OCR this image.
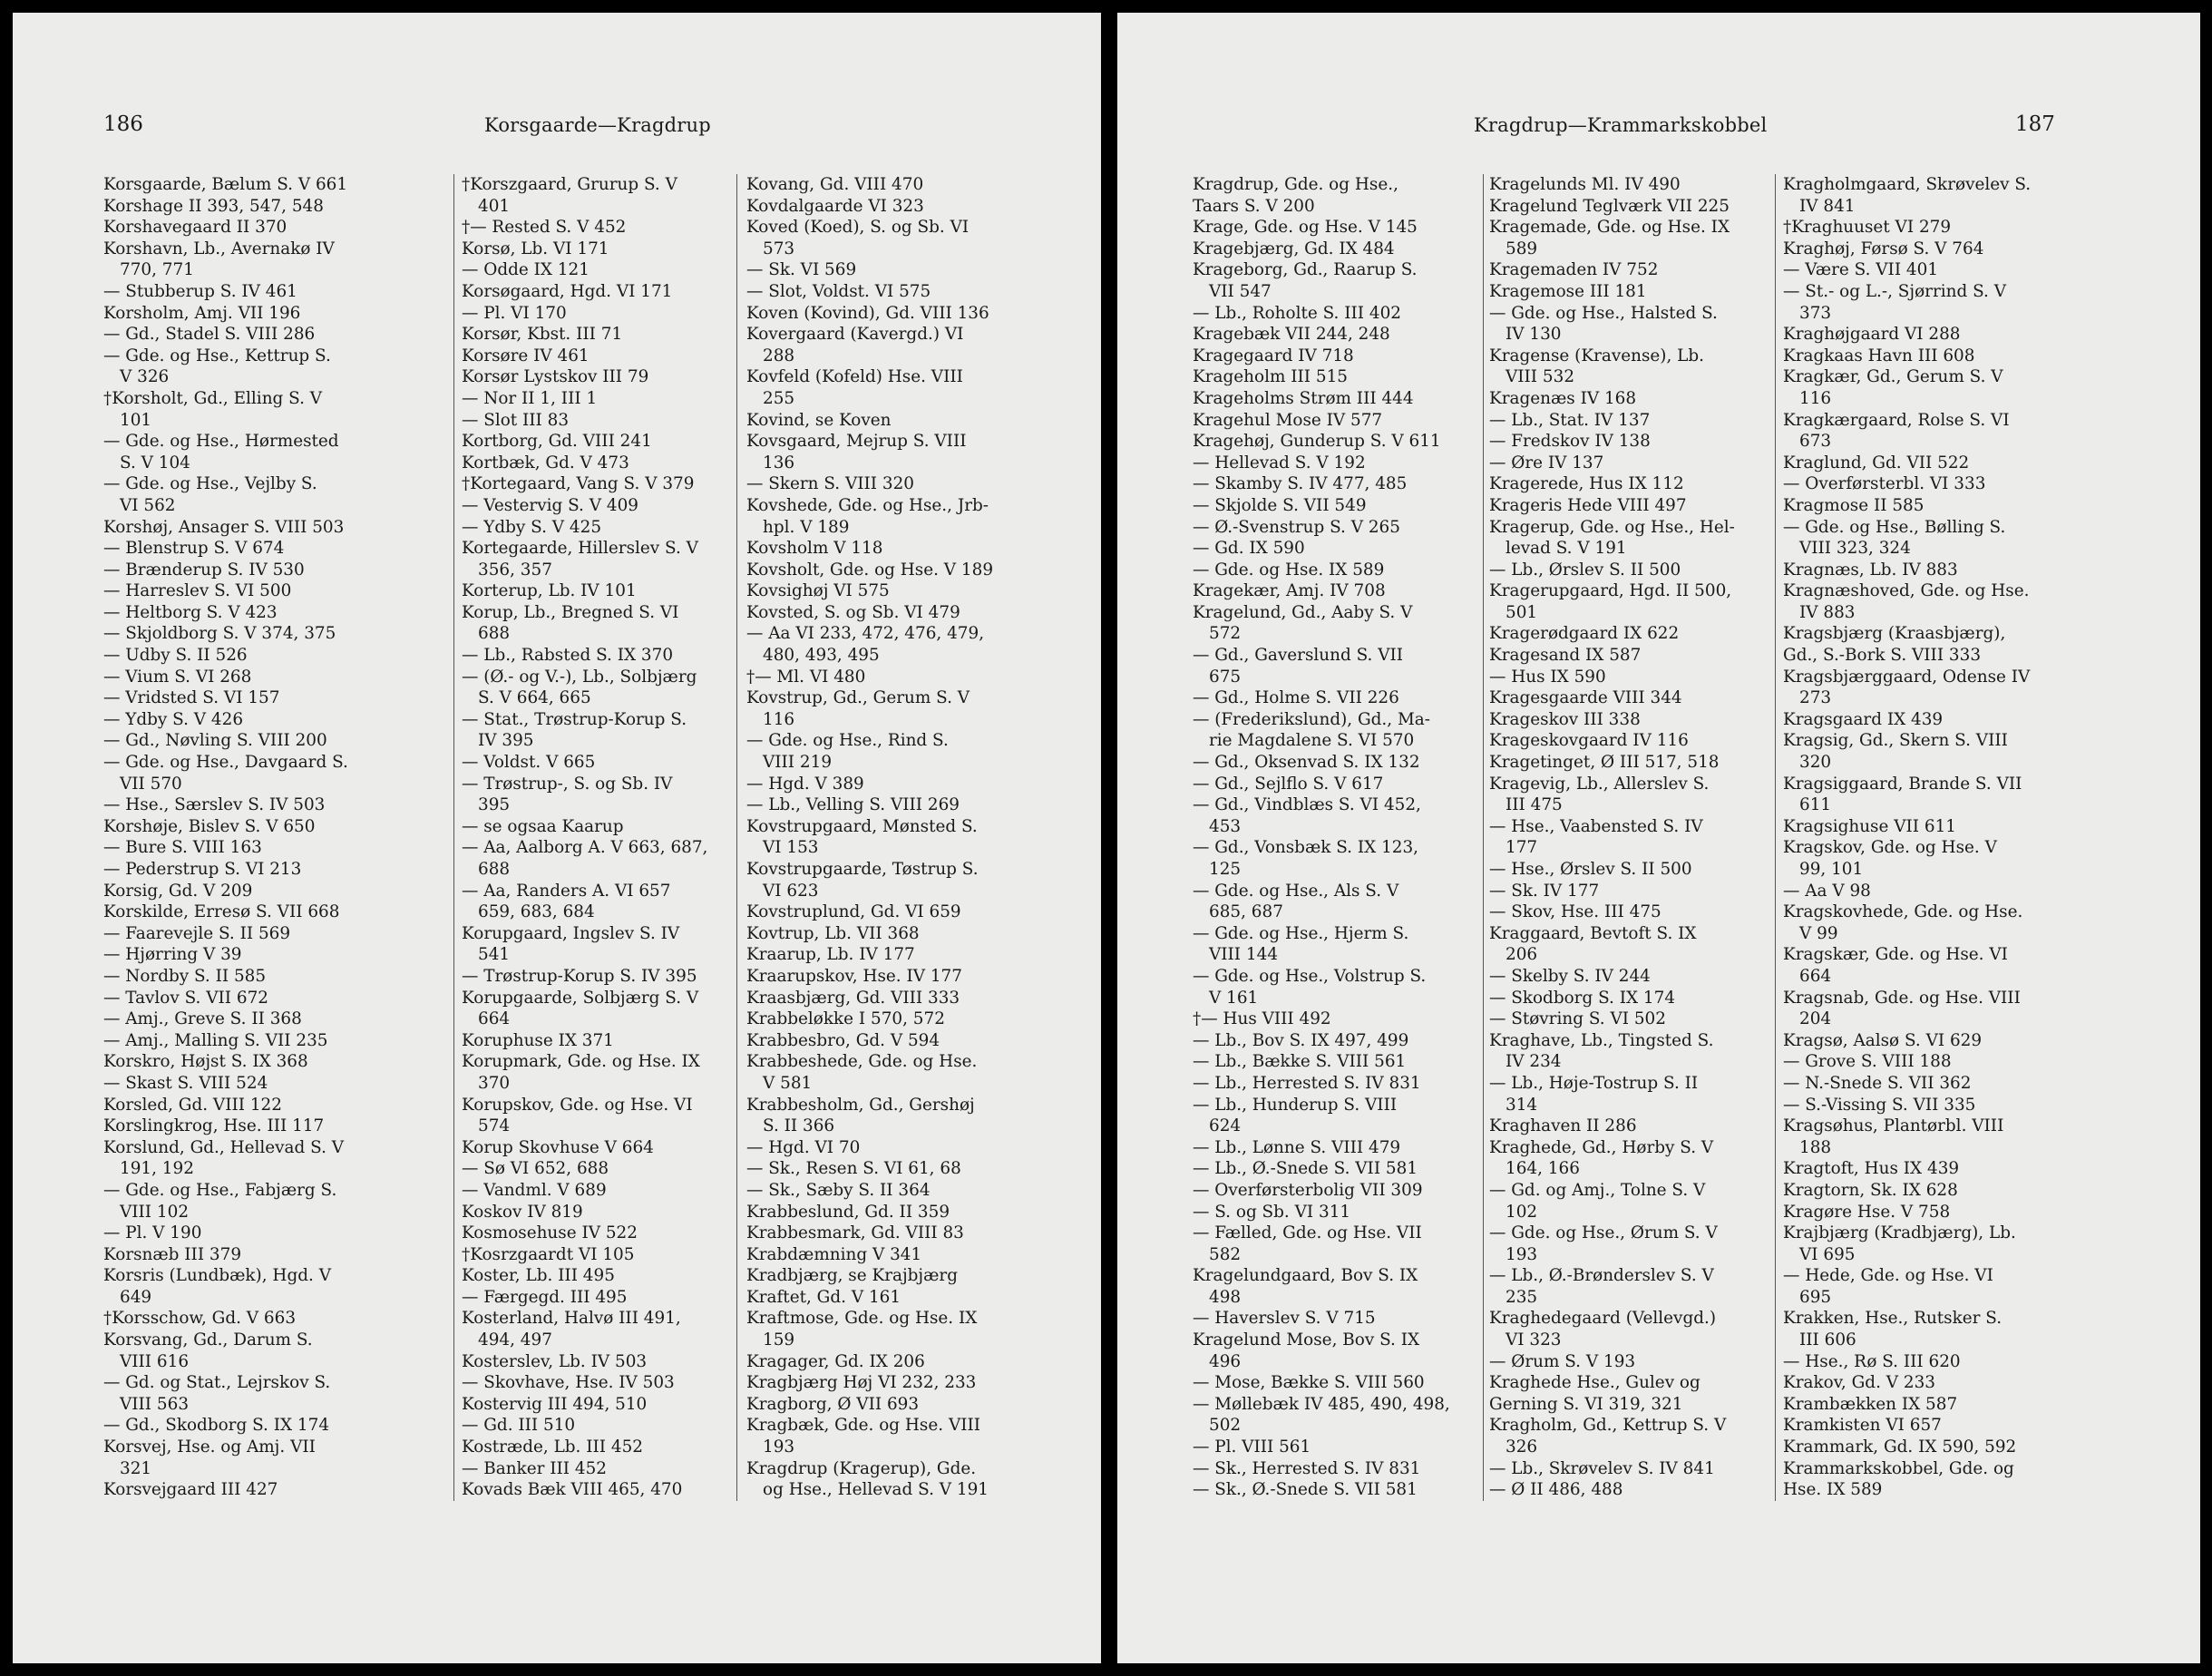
186	Korsgaarde—Kragdrup
Korsgaarde, Bælum S. V 661
Korshage II 393, 547, 548
Korshavegaard II 370
Korshavn, Lb., Avernakø IV
770, 771
— Stubberup S. IV 461
Korsholm, Amj. VII 196
— Gd., Stadel S. VIII 286
— Gde. og Hse., Kettrup S.
V 326
†Korsholt, Gd., Elling S. V
101
— Gde. og Hse., Hørmested
S. V 104
— Gde. og Hse., Vejlby S.
VI 562
Korshøj, Ansager S. VIII 503
— Blenstrup S. V 674
— Brænderup S. IV 530
— Harreslev S. VI 500
— Heltborg S. V 423
— Skjoldborg S. V 374, 375
— Udby S. II 526
— Vium S. VI 268
— Vridsted S. VI 157
— Ydby S. V 426
— Gd., Nøvling S. VIII 200
— Gde. og Hse., Davgaard S.
VII 570
— Hse., Særslev S. IV 503
Korshøje, Bislev S. V 650
— Bure S. VIII 163
— Pederstrup S. VI 213
Korsig, Gd. V 209
Korskilde, Erresø S. VII 668
— Faarevejle S. II 569
— Hjørring V 39
— Nordby S. II 585
— Tavlov S. VII 672
— Amj., Greve S. II 368
— Amj., Malling S. VII 235
Korskro, Højst S. IX 368
— Skast S. VIII 524
Korsled, Gd. VIII 122
Korslingkrog, Hse. III 117
Korslund, Gd., Hellevad S. V
191, 192
— Gde. og Hse., Fabjærg S.
VIII 102
— Pl. V 190
Korsnæb III 379
Korsris (Lundbæk), Hgd. V
649
†Korsschow, Gd. V 663
Korsvang, Gd., Darum S.
VIII 616
— Gd. og Stat., Lejrskov S.
VIII 563
— Gd., Skodborg S. IX 174
Korsvej, Hse. og Amj. VII
321
Korsvejgaard III 427
†Korszgaard, Grurup S. V
401
†— Rested S. V 452
Korsø, Lb. VI 171
— Odde IX 121
Korsøgaard, Hgd. VI 171
— Pl. VI 170
Korsør, Kbst. III 71
Korsøre IV 461
Korsør Lystskov III 79
— Nor II 1, III 1
— Slot III 83
Kortborg, Gd. VIII 241
Kortbæk, Gd. V 473
†Kortegaard, Vang S. V 379
— Vestervig S. V 409
— Ydby S. V 425
Kortegaarde, Hillerslev S. V
356, 357
Korterup, Lb. IV 101
Korup, Lb., Bregned S. VI
688
— Lb., Rabsted S. IX 370
— (Ø.- og V.-), Lb., Solbjærg
S. V 664, 665
— Stat., Trøstrup-Korup S.
IV 395
— Voldst. V 665
— Trøstrup-, S. og Sb. IV
395
— se ogsaa Kaarup
— Aa, Aalborg A. V 663, 687,
688
— Aa, Randers A. VI 657
659, 683, 684
Korupgaard, Ingslev S. IV
541
— Trøstrup-Korup S. IV 395
Korupgaarde, Solbjærg S. V
664
Koruphuse IX 371
Korupmark, Gde. og Hse. IX
370
Korupskov, Gde. og Hse. VI
574
Korup Skovhuse V 664
— Sø VI 652, 688
— Vandml. V 689
Koskov IV 819
Kosmosehuse IV 522
†Kosrzgaardt VI 105
Koster, Lb. III 495
— Færgegd. III 495
Kosterland, Halvø III 491,
494, 497
Kosterslev, Lb. IV 503
— Skovhave, Hse. IV 503
Kostervig III 494, 510
— Gd. III 510
Kostræde, Lb. III 452
— Banker III 452
Kovads Bæk VIII 465, 470
Kovang, Gd. VIII 470
Kovdalgaarde VI 323
Koved (Koed), S. og Sb. VI
573
— Sk. VI 569
— Slot, Voldst. VI 575
Koven (Kovind), Gd. VIII 136
Kovergaard (Kavergd.) VI
288
Kovfeld (Kofeld) Hse. VIII
255
Kovind, se Koven
Kovsgaard, Mejrup S. VIII
136
— Skern S. VIII 320
Kovshede, Gde. og Hse., Jrb-
hpl. V 189
Kovsholm V 118
Kovsholt, Gde. og Hse. V 189
Kovsighøj VI 575
Kovsted, S. og Sb. VI 479
— Aa VI 233, 472, 476, 479,
480, 493, 495
†— Ml. VI 480
Kovstrup, Gd., Gerum S. V
116
— Gde. og Hse., Rind S.
VIII 219
— Hgd. V 389
— Lb., Velling S. VIII 269
Kovstrupgaard, Mønsted S.
VI 153
Kovstrupgaarde, Tøstrup S.
VI 623
Kovstruplund, Gd. VI 659
Kovtrup, Lb. VII 368
Kraarup, Lb. IV 177
Kraarupskov, Hse. IV 177
Kraasbjærg, Gd. VIII 333
Krabbeløkke I 570, 572
Krabbesbro, Gd. V 594
Krabbeshede, Gde. og Hse.
V 581
Krabbesholm, Gd., Gershøj
S. II 366
— Hgd. VI 70
— Sk., Resen S. VI 61, 68
— Sk., Sæby S. II 364
Krabbeslund, Gd. II 359
Krabbesmark, Gd. VIII 83
Krabdæmning V 341
Kradbjærg, se Krajbjærg
Kraftet, Gd. V 161
Kraftmose, Gde. og Hse. IX
159
Kragager, Gd. IX 206
Kragbjærg Høj VI 232, 233
Kragborg, Ø VII 693
Kragbæk, Gde. og Hse. VIII
193
Kragdrup (Kragerup), Gde.
og Hse., Hellevad S. V 191
Kragdrup—Krammarkskobbel	187
Kragdrup, Gde. og Hse.,
Taars S. V 200
Krage, Gde. og Hse. V 145
Kragebjærg, Gd. IX 484
Krageborg, Gd., Raarup S.
VII 547
— Lb., Roholte S. III 402
Kragebæk VII 244, 248
Kragegaard IV 718
Krageholm III 515
Krageholms Strøm III 444
Kragehul Mose IV 577
Kragehøj, Gunderup S. V 611
— Hellevad S. V 192
— Skamby S. IV 477, 485
— Skjolde S. VII 549
— Ø.-Svenstrup S. V 265
— Gd. IX 590
— Gde. og Hse. IX 589
Kragekær, Amj. IV 708
Kragelund, Gd., Aaby S. V
572
— Gd., Gaverslund S. VII
675
— Gd., Holme S. VII 226
— (Frederikslund), Gd., Ma-
rie Magdalene S. VI 570
— Gd., Oksenvad S. IX 132
— Gd., Sejlflo S. V 617
— Gd., Vindblæs S. VI 452,
453
— Gd., Vonsbæk S. IX 123,
125
— Gde. og Hse., Als S. V
685, 687
— Gde. og Hse., Hjerm S.
VIII 144
— Gde. og Hse., Volstrup S.
V 161
†— Hus VIII 492
— Lb., Bov S. IX 497, 499
— Lb., Bække S. VIII 561
— Lb., Herrested S. IV 831
— Lb., Hunderup S. VIII
624
— Lb., Lønne S. VIII 479
— Lb., Ø.-Snede S. VII 581
— Overførsterbolig VII 309
— S. og Sb. VI 311
— Fælled, Gde. og Hse. VII
582
Kragelundgaard, Bov S. IX
498
— Haverslev S. V 715
Kragelund Mose, Bov S. IX
496
— Mose, Bække S. VIII 560
— Møllebæk IV 485, 490, 498,
502
— Pl. VIII 561
— Sk., Herrested S. IV 831
— Sk., Ø.-Snede S. VII 581
Kragelunds Ml. IV 490
Kragelund Teglværk VII 225
Kragemade, Gde. og Hse. IX
589
Kragemaden IV 752
Kragemose III 181
— Gde. og Hse., Halsted S.
IV 130
Kragense (Kravense), Lb.
VIII 532
Kragenæs IV 168
— Lb., Stat. IV 137
— Fredskov IV 138
— Øre IV 137
Kragerede, Hus IX 112
Krageris Hede VIII 497
Kragerup, Gde. og Hse., Hel-
levad S. V 191
— Lb., Ørslev S. II 500
Kragerupgaard, Hgd. II 500,
501
Kragerødgaard IX 622
Kragesand IX 587
— Hus IX 590
Kragesgaarde VIII 344
Krageskov III 338
Krageskovgaard IV 116
Kragetinget, Ø III 517, 518
Kragevig, Lb., Allerslev S.
III 475
— Hse., Vaabensted S. IV
177
— Hse., Ørslev S. II 500
— Sk. IV 177
— Skov, Hse. III 475
Kraggaard, Bevtoft S. IX
206
— Skelby S. IV 244
— Skodborg S. IX 174
— Støvring S. VI 502
Kraghave, Lb., Tingsted S.
IV 234
— Lb., Høje-Tostrup S. II
314
Kraghaven II 286
Kraghede, Gd., Hørby S. V
164, 166
— Gd. og Amj., Tolne S. V
102
— Gde. og Hse., Ørum S. V
193
— Lb., Ø.-Brønderslev S. V
235
Kraghedegaard (Vellevgd.)
VI 323
— Ørum S. V 193
Kraghede Hse., Gulev og
Gerning S. VI 319, 321
Kragholm, Gd., Kettrup S. V
326
— Lb., Skrøvelev S. IV 841
— Ø II 486, 488
Kragholmgaard, Skrøvelev S.
IV 841
†Kraghuuset VI 279
Kraghøj, Førsø S. V 764
— Være S. VII 401
— St.- og L.-, Sjørrind S. V
373
Kraghøjgaard VI 288
Kragkaas Havn III 608
Kragkær, Gd., Gerum S. V
116
Kragkærgaard, Rolse S. VI
673
Kraglund, Gd. VII 522
— Overførsterbl. VI 333
Kragmose II 585
— Gde. og Hse., Bølling S.
VIII 323, 324
Kragnæs, Lb. IV 883
Kragnæshoved, Gde. og Hse.
IV 883
Kragsbjærg (Kraasbjærg),
Gd., S.-Bork S. VIII 333
Kragsbjærggaard, Odense IV
273
Kragsgaard IX 439
Kragsig, Gd., Skern S. VIII
320
Kragsiggaard, Brande S. VII
611
Kragsighuse VII 611
Kragskov, Gde. og Hse. V
99, 101
— Aa V 98
Kragskovhede, Gde. og Hse.
V 99
Kragskær, Gde. og Hse. VI
664
Kragsnab, Gde. og Hse. VIII
204
Kragsø, Aalsø S. VI 629
— Grove S. VIII 188
— N.-Snede S. VII 362
— S.-Vissing S. VII 335
Kragsøhus, Plantørbl. VIII
188
Kragtoft, Hus IX 439
Kragtorn, Sk. IX 628
Kragøre Hse. V 758
Krajbjærg (Kradbjærg), Lb.
VI 695
— Hede, Gde. og Hse. VI
695
Krakken, Hse., Rutsker S.
III 606
— Hse., Rø S. III 620
Krakov, Gd. V 233
Krambækken IX 587
Kramkisten VI 657
Krammark, Gd. IX 590, 592
Krammarkskobbel, Gde. og
Hse. IX 589
